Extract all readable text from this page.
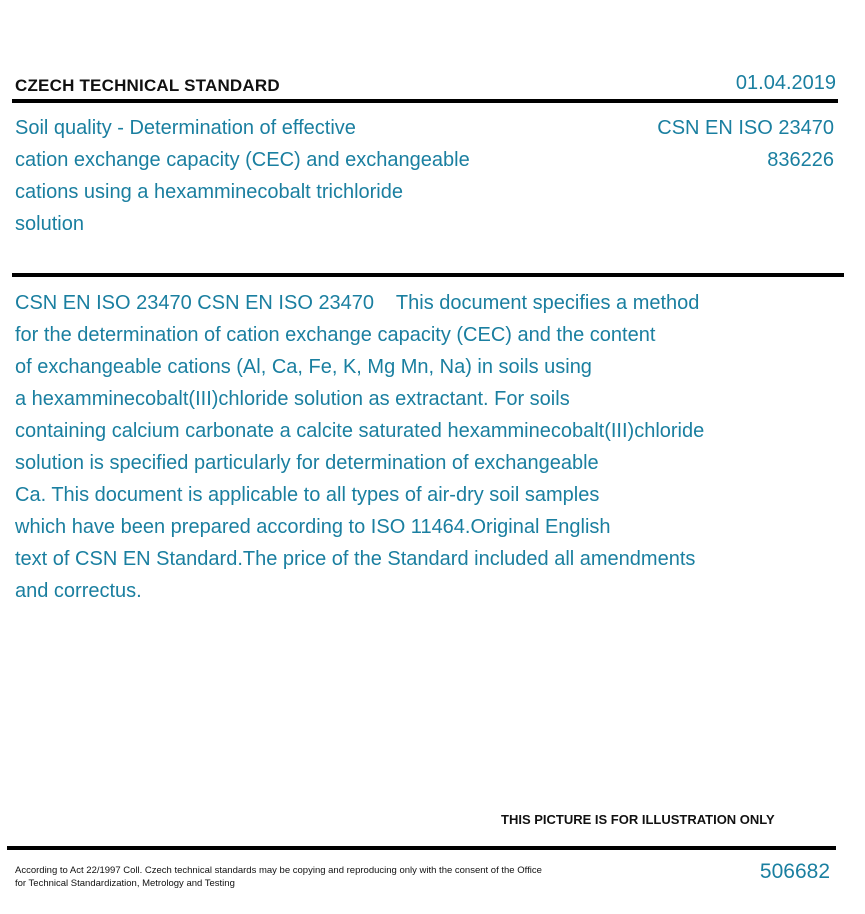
CZECH TECHNICAL STANDARD	01.04.2019
Soil quality - Determination of effective
cation exchange capacity (CEC) and exchangeable
cations using a hexamminecobalt trichloride
solution
CSN EN ISO 23470
836226
CSN EN ISO 23470 CSN EN ISO 23470    This document specifies a method
for the determination of cation exchange capacity (CEC) and the content
of exchangeable cations (Al, Ca, Fe, K, Mg Mn, Na) in soils using
a hexamminecobalt(III)chloride solution as extractant. For soils
containing calcium carbonate a calcite saturated hexamminecobalt(III)chloride
solution is specified particularly for determination of exchangeable
Ca. This document is applicable to all types of air-dry soil samples
which have been prepared according to ISO 11464.Original English
text of CSN EN Standard.The price of the Standard included all amendments
and correctus.
THIS PICTURE IS FOR ILLUSTRATION ONLY
According to Act 22/1997 Coll. Czech technical standards may be copying and reproducing only with the consent of the Office
for Technical Standardization, Metrology and Testing
506682
